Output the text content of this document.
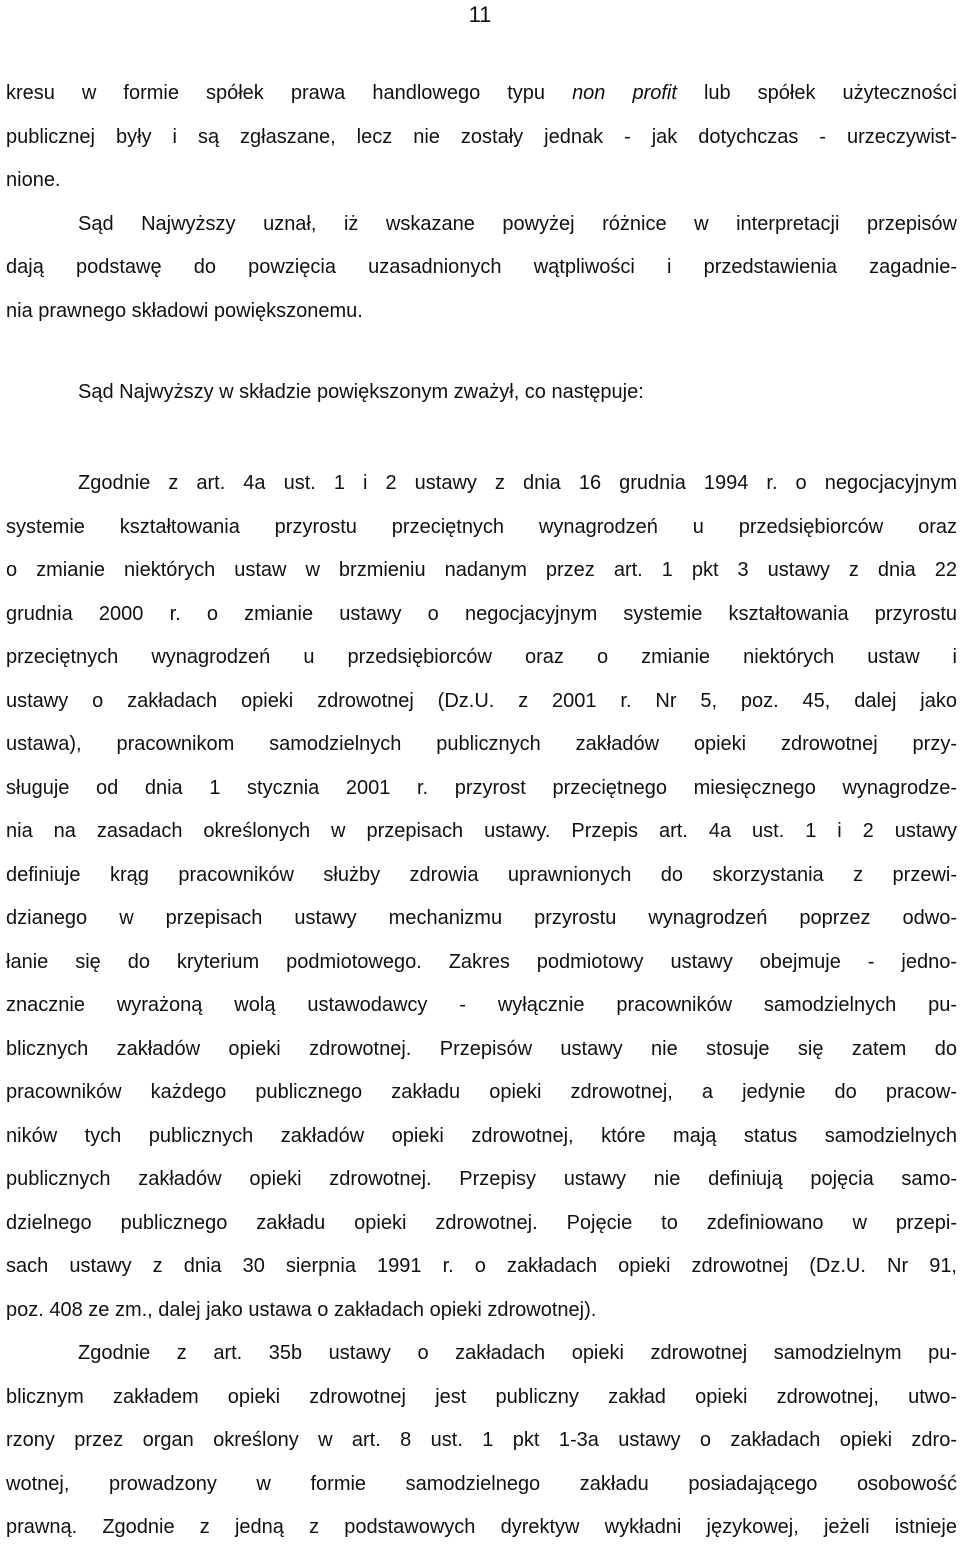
11
kresu w formie spółek prawa handlowego typu non profit lub spółek użyteczności
publicznej były i są zgłaszane, lecz nie zostały jednak - jak dotychczas - urzeczywist-
nione.
Sąd Najwyższy uznał, iż wskazane powyżej różnice w interpretacji przepisów
dają podstawę do powzięcia uzasadnionych wątpliwości i przedstawienia zagadnie-
nia prawnego składowi powiększonemu.
Sąd Najwyższy w składzie powiększonym zważył, co następuje:
Zgodnie z art. 4a ust. 1 i 2 ustawy z dnia 16 grudnia 1994 r. o negocjacyjnym
systemie kształtowania przyrostu przeciętnych wynagrodzeń u przedsiębiorców oraz
o zmianie niektórych ustaw w brzmieniu nadanym przez art. 1 pkt 3 ustawy z dnia 22
grudnia 2000 r. o zmianie ustawy o negocjacyjnym systemie kształtowania przyrostu
przeciętnych wynagrodzeń u przedsiębiorców oraz o zmianie niektórych ustaw i
ustawy o zakładach opieki zdrowotnej (Dz.U. z 2001 r. Nr 5, poz. 45, dalej jako
ustawa), pracownikom samodzielnych publicznych zakładów opieki zdrowotnej przy-
sługuje od dnia 1 stycznia 2001 r. przyrost przeciętnego miesięcznego wynagrodze-
nia na zasadach określonych w przepisach ustawy. Przepis art. 4a ust. 1 i 2 ustawy
definiuje krąg pracowników służby zdrowia uprawnionych do skorzystania z przewi-
dzianego w przepisach ustawy mechanizmu przyrostu wynagrodzeń poprzez odwo-
łanie się do kryterium podmiotowego. Zakres podmiotowy ustawy obejmuje - jedno-
znacznie wyrażoną wolą ustawodawcy - wyłącznie pracowników samodzielnych pu-
blicznych zakładów opieki zdrowotnej. Przepisów ustawy nie stosuje się zatem do
pracowników każdego publicznego zakładu opieki zdrowotnej, a jedynie do pracow-
ników tych publicznych zakładów opieki zdrowotnej, które mają status samodzielnych
publicznych zakładów opieki zdrowotnej. Przepisy ustawy nie definiują pojęcia samo-
dzielnego publicznego zakładu opieki zdrowotnej. Pojęcie to zdefiniowano w przepi-
sach ustawy z dnia 30 sierpnia 1991 r. o zakładach opieki zdrowotnej (Dz.U. Nr 91,
poz. 408 ze zm., dalej jako ustawa o zakładach opieki zdrowotnej).
Zgodnie z art. 35b ustawy o zakładach opieki zdrowotnej samodzielnym pu-
blicznym zakładem opieki zdrowotnej jest publiczny zakład opieki zdrowotnej, utwo-
rzony przez organ określony w art. 8 ust. 1 pkt 1-3a ustawy o zakładach opieki zdro-
wotnej, prowadzony w formie samodzielnego zakładu posiadającego osobowość
prawną. Zgodnie z jedną z podstawowych dyrektyw wykładni językowej, jeżeli istnieje
